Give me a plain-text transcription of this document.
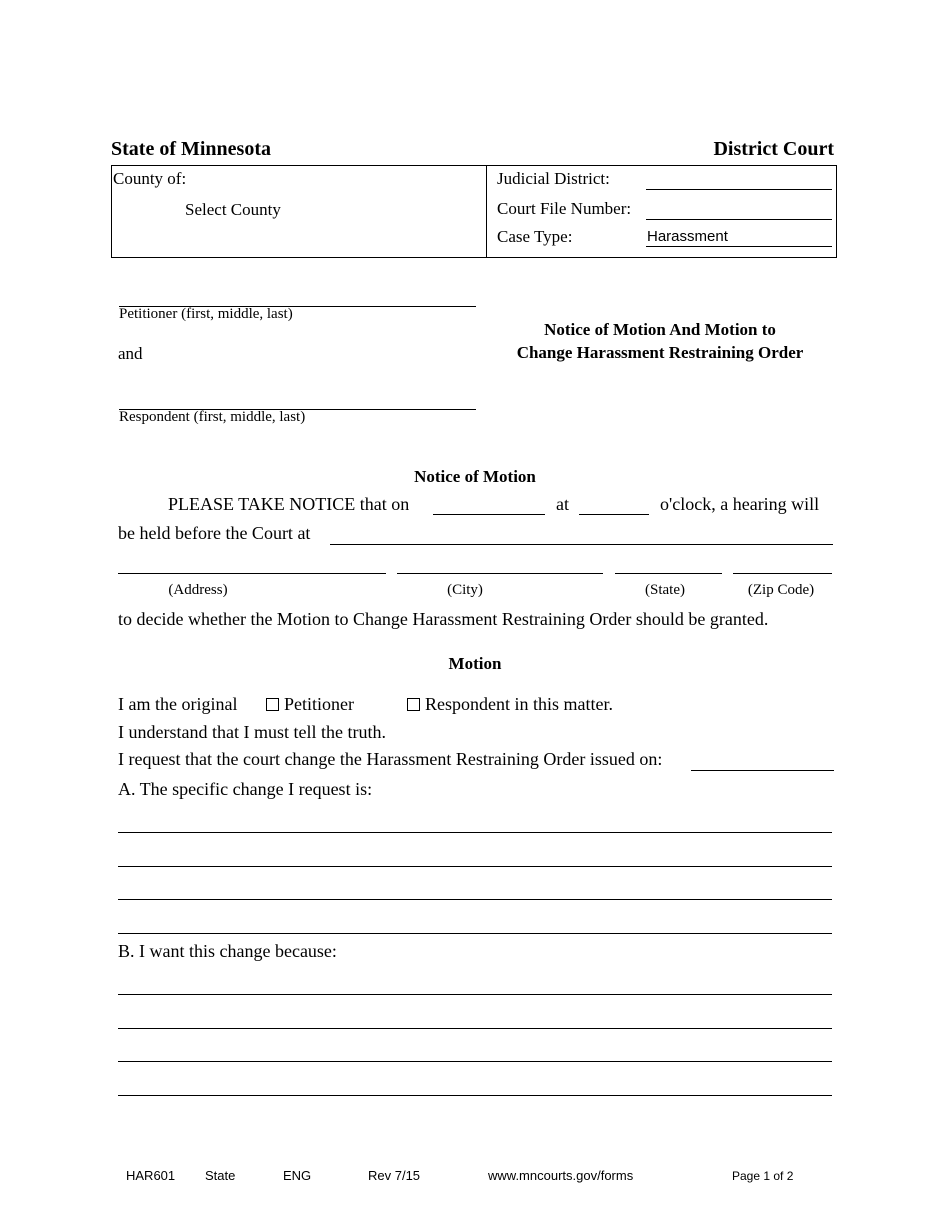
State of Minnesota	District Court
County of:
Select County
Judicial District:
Court File Number:
Case Type:	Harassment
Petitioner (first, middle, last)
and
Respondent (first, middle, last)
Notice of Motion And Motion to
Change Harassment Restraining Order
Notice of Motion
PLEASE TAKE NOTICE that on	at	o'clock, a hearing will
be held before the Court at
(Address)	(City)	(State)	(Zip Code)
to decide whether the Motion to Change Harassment Restraining Order should be granted.
Motion
I am the original	Petitioner	Respondent in this matter.
I understand that I must tell the truth.
I request that the court change the Harassment Restraining Order issued on:
A. The specific change I request is:
B. I want this change because:
HAR601 State	ENG	Rev 7/15	www.mncourts.gov/forms	Page 1 of 2
